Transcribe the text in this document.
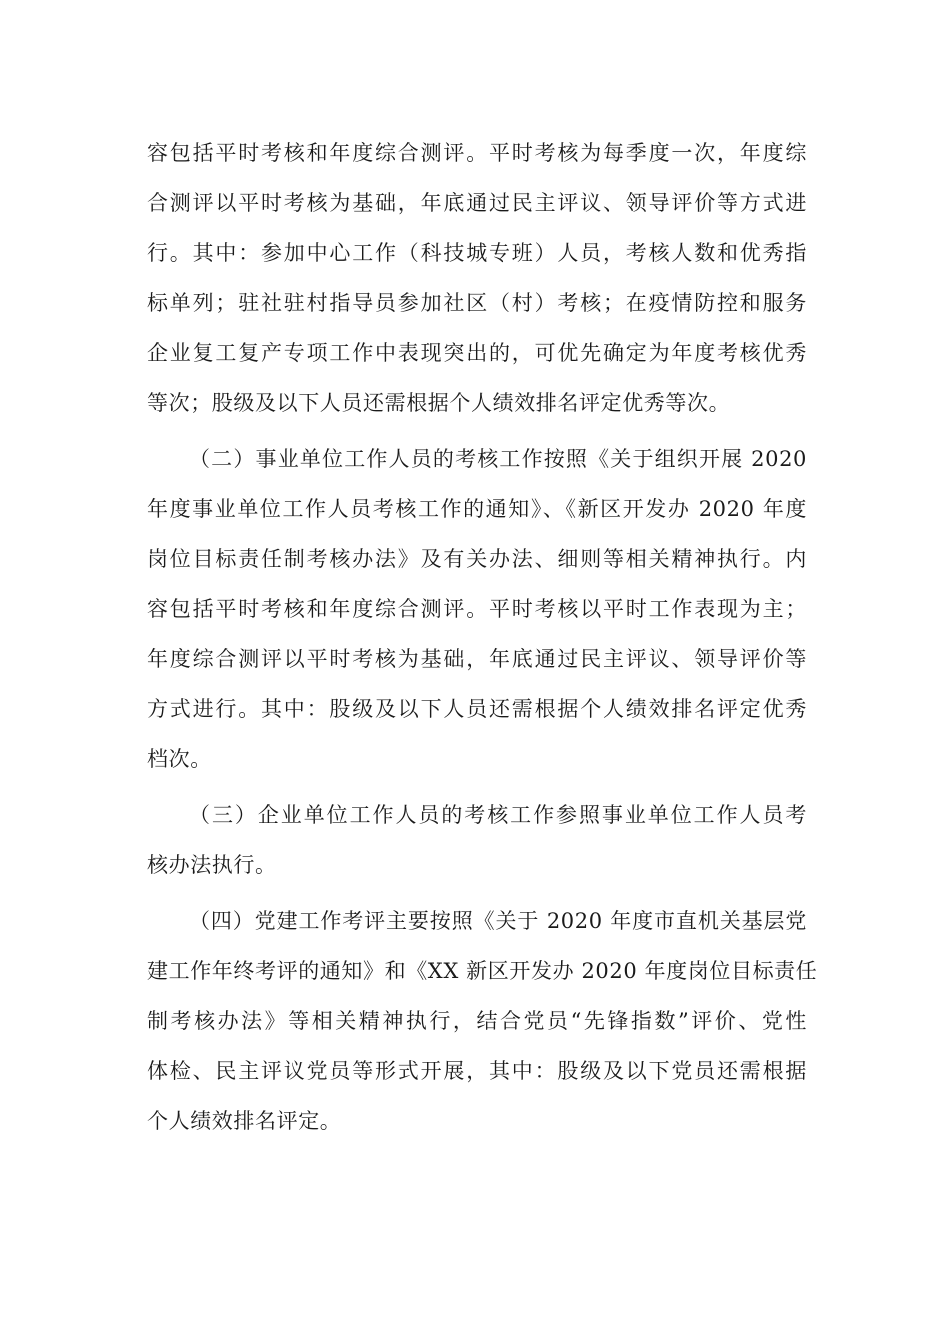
容包括平时考核和年度综合测评。平时考核为每季度一次，年度综
合测评以平时考核为基础，年底通过民主评议、领导评价等方式进
行。其中：参加中心工作（科技城专班）人员，考核人数和优秀指
标单列；驻社驻村指导员参加社区（村）考核；在疫情防控和服务
企业复工复产专项工作中表现突出的，可优先确定为年度考核优秀
等次；股级及以下人员还需根据个人绩效排名评定优秀等次。
（二）事业单位工作人员的考核工作按照《关于组织开展 2020
年度事业单位工作人员考核工作的通知》、《新区开发办 2020 年度
岗位目标责任制考核办法》及有关办法、细则等相关精神执行。内
容包括平时考核和年度综合测评。平时考核以平时工作表现为主；
年度综合测评以平时考核为基础，年底通过民主评议、领导评价等
方式进行。其中：股级及以下人员还需根据个人绩效排名评定优秀
档次。
（三）企业单位工作人员的考核工作参照事业单位工作人员考
核办法执行。
（四）党建工作考评主要按照《关于 2020 年度市直机关基层党
建工作年终考评的通知》和《XX 新区开发办 2020 年度岗位目标责任
制考核办法》等相关精神执行，结合党员“先锋指数”评价、党性
体检、民主评议党员等形式开展，其中：股级及以下党员还需根据
个人绩效排名评定。
